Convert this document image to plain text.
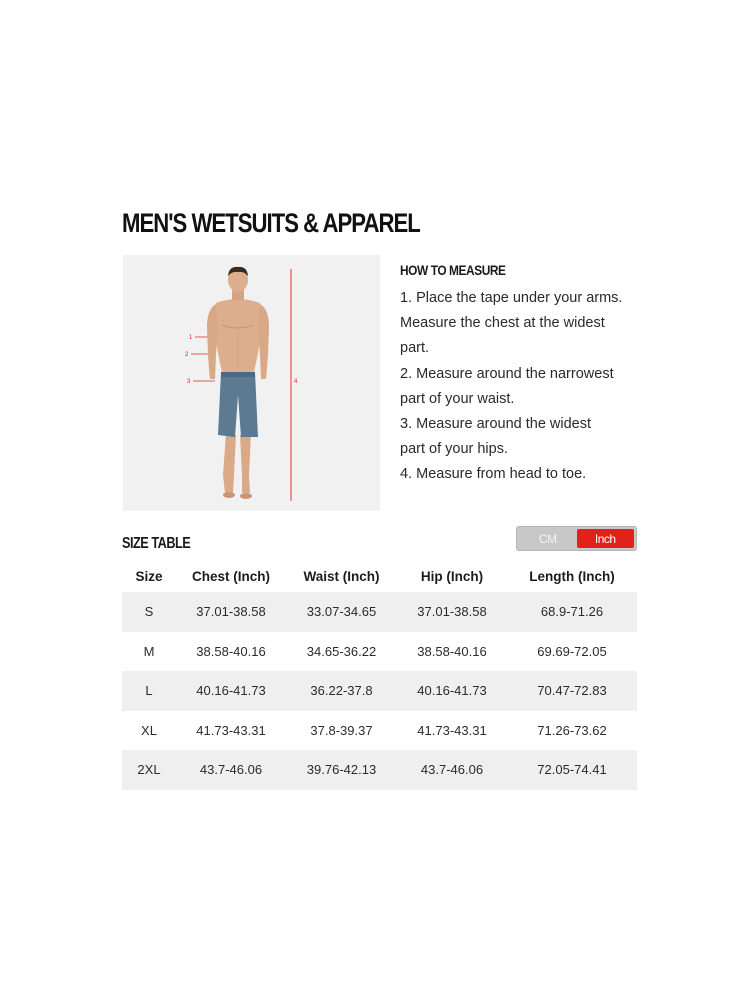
MEN'S WETSUITS & APPAREL
1
2
3	4
HOW TO MEASURE
1. Place the tape under your arms.
Measure the chest at the widest
part.
2. Measure around the narrowest
part of your waist.
3. Measure around the widest
part of your hips.
4. Measure from head to toe.
SIZE TABLE	CM	Inch
Size	Chest (Inch)	Waist (Inch)	Hip (Inch)	Length (Inch)
S	37.01-38.58	33.07-34.65	37.01-38.58	68.9-71.26
M	38.58-40.16	34.65-36.22	38.58-40.16	69.69-72.05
L	40.16-41.73	36.22-37.8	40.16-41.73	70.47-72.83
XL	41.73-43.31	37.8-39.37	41.73-43.31	71.26-73.62
2XL	43.7-46.06	39.76-42.13	43.7-46.06	72.05-74.41
